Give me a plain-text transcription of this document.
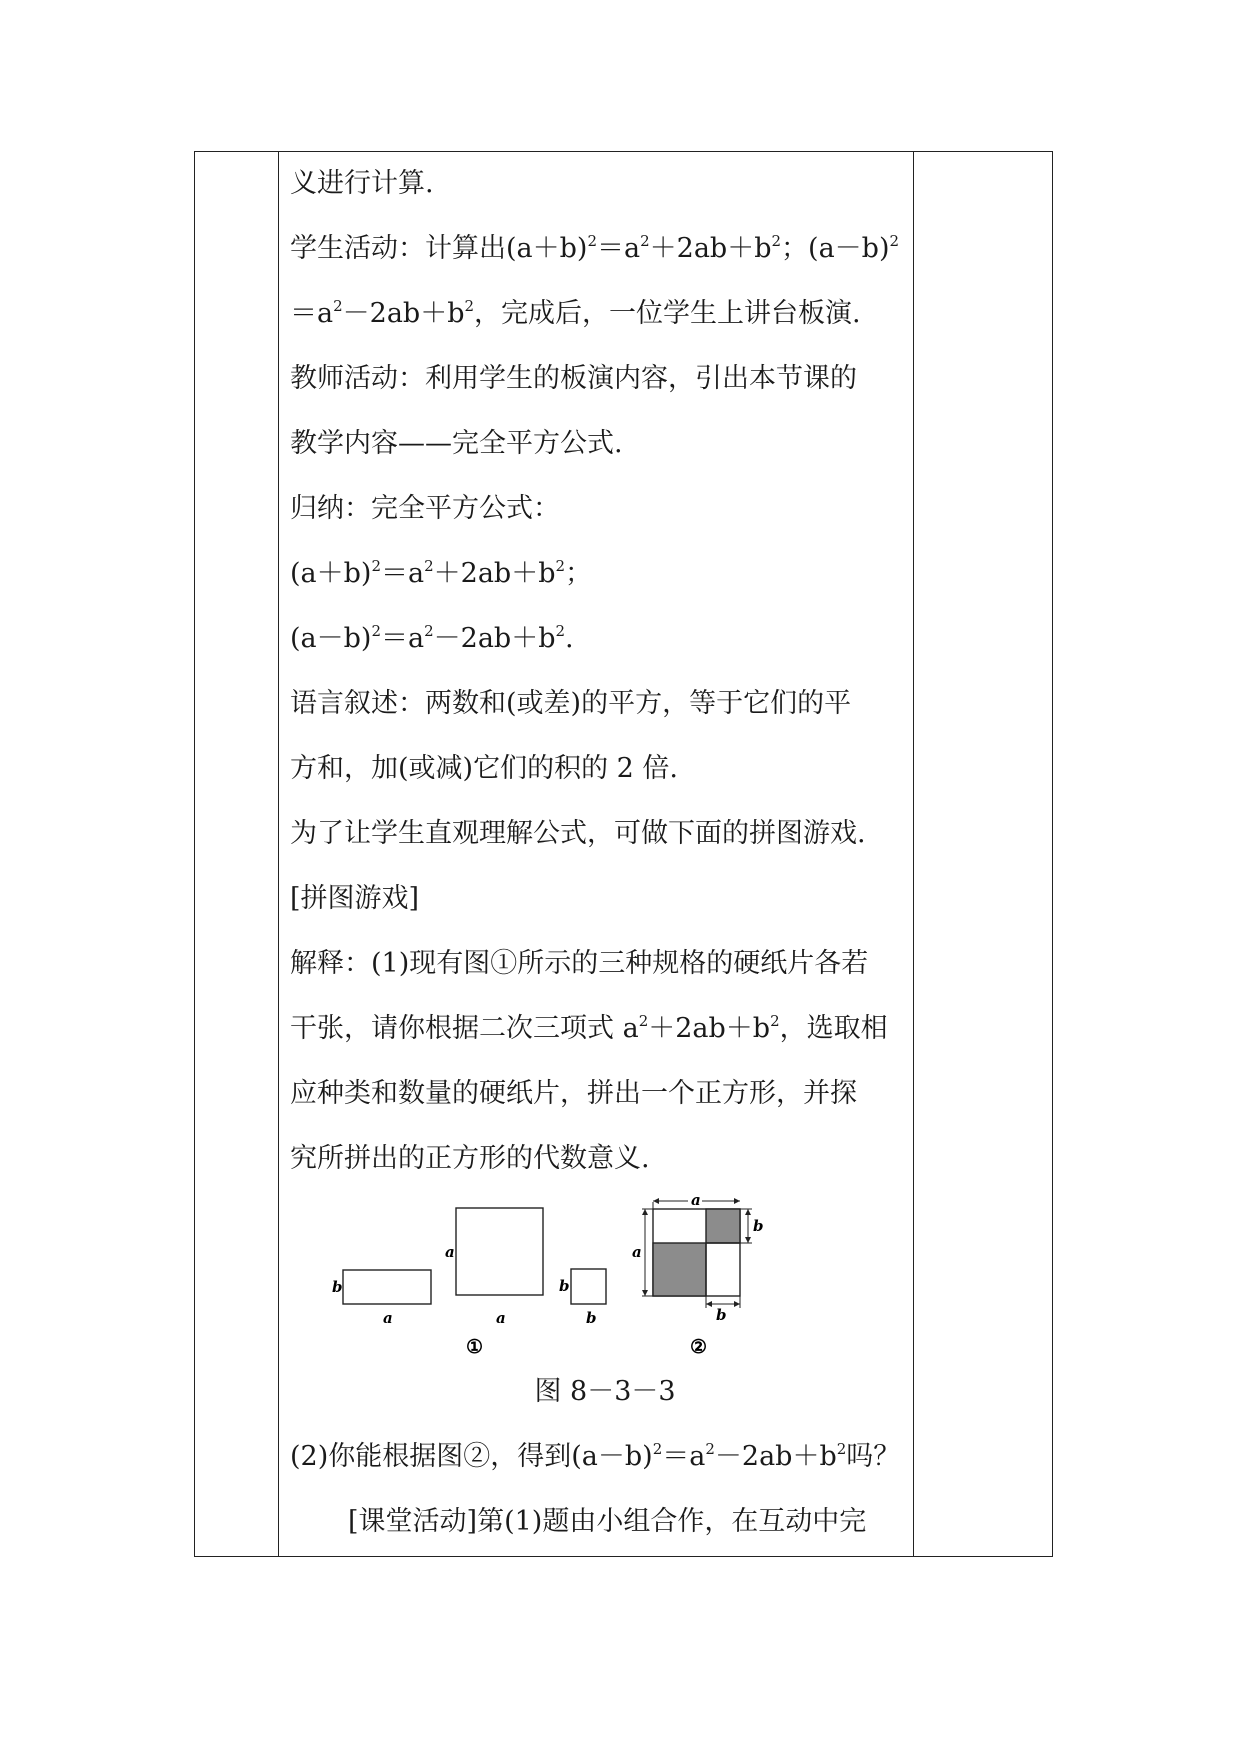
义进行计算.
学生活动：计算出$(a+b)^2=a^2+2ab+b^2$；$(a-b)^2$
$=a^2-2ab+b^2$，完成后，一位学生上讲台板演.
教师活动：利用学生的板演内容，引出本节课的
教学内容——完全平方公式.
归纳：完全平方公式：
$(a+b)^2=a^2+2ab+b^2$；
$(a-b)^2=a^2-2ab+b^2$.
语言叙述：两数和(或差)的平方，等于它们的平
方和，加(或减)它们的积的 2 倍.
为了让学生直观理解公式，可做下面的拼图游戏.
[拼图游戏]
解释：(1)现有图①所示的三种规格的硬纸片各若
干张，请你根据二次三项式 $a^2+2ab+b^2$，选取相
应种类和数量的硬纸片，拼出一个正方形，并探
究所拼出的正方形的代数意义.
图 8－3－3
(2)你能根据图②，得到$(a-b)^2=a^2-2ab+b^2$吗？
[课堂活动]第(1)题由小组合作，在互动中完
b
a
a
a
b
b
①
a
b
a
b
②
